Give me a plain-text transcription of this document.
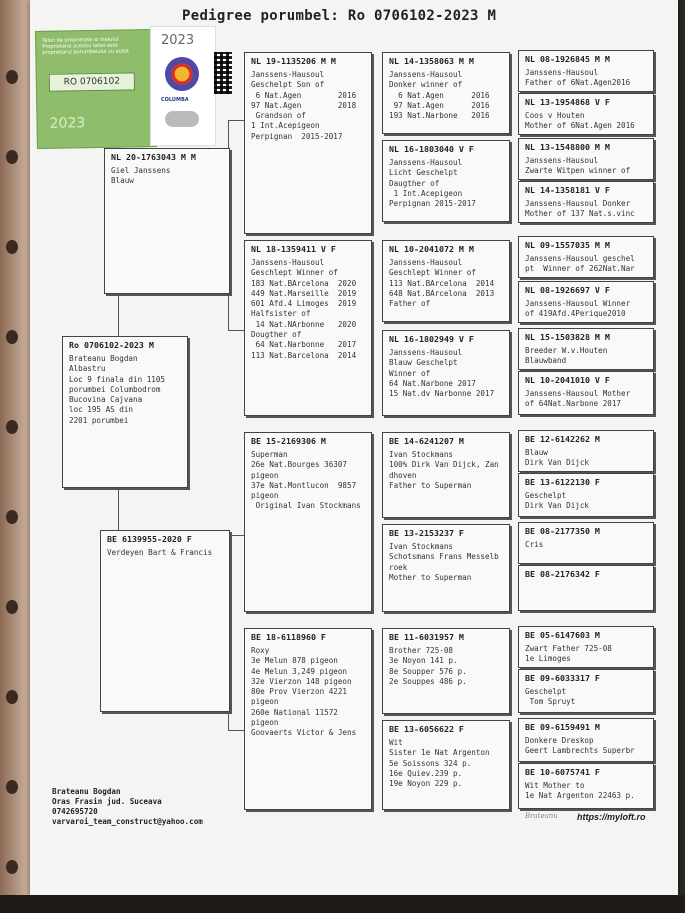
Pedigree porumbel: Ro 0706102-2023 M
Talon de proprietate al Inelului
Proprietarul acestui talon este
proprietarul porumbelului cu acest
RO 0706102
2023
2023
COLUMBA
Ro 0706102-2023 M
Brateanu Bogdan
Albastru
Loc 9 finala din 1105
porumbei Columbodrom
Bucovina Cajvana
loc 195 AS din
2201 porumbei
NL 20-1763043 M M
Giel Janssens
Blauw
BE 6139955-2020 F
Verdeyen Bart & Francis
NL 19-1135206 M M
Janssens-Hausoul
Geschelpt Son of
6 Nat.Agen        2016
97 Nat.Agen        2018
Grandson of
1 Int.Acepigeon
Perpignan  2015-2017
NL 18-1359411 V F
Janssens-Hausoul
Geschlept Winner of
183 Nat.BArcelona  2020
449 Nat.Marseille  2019
601 Afd.4 Limoges  2019
Halfsister of
14 Nat.NArbonne   2020
Dougther of
64 Nat.Narbonne   2017
113 Nat.Barcelona  2014
BE 15-2169306 M
Superman
26e Nat.Bourges 36307
pigeon
37e Nat.Montlucon  9857
pigeon
Original Ivan Stockmans
BE 18-6118960 F
Roxy
3e Melun 878 pigeon
4e Melun 3,249 pigeon
32e Vierzon 148 pigeon
80e Prov Vierzon 4221
pigeon
260e National 11572
pigeon
Goovaerts Victor & Jens
NL 14-1358063 M M
Janssens-Hausoul
Donker winner of
6 Nat.Agen      2016
97 Nat.Agen      2016
193 Nat.Narbone   2016
NL 16-1803040 V F
Janssens-Hausoul
Licht Geschelpt
Daugther of
1 Int.Acepigeon
Perpignan 2015-2017
NL 10-2041072 M M
Janssens-Hausoul
Geschlept Winner of
113 Nat.BArcelona  2014
648 Nat.BArcelona  2013
Father of
NL 16-1802949 V F
Janssens-Hausoul
Blauw Geschelpt
Winner of
64 Nat.Narbone 2017
15 Nat.dv Narbonne 2017
BE 14-6241207 M
Ivan Stockmans
100% Dirk Van Dijck, Zan
dhoven
Father to Superman
BE 13-2153237 F
Ivan Stockmans
Schotsmans Frans Messelb
roek
Mother to Superman
BE 11-6031957 M
Brother 725-08
3e Noyon 141 p.
8e Soupper 576 p.
2e Souppes 486 p.
BE 13-6056622 F
Wit
Sister 1e Nat Argenton
5e Soissons 324 p.
16e Quiev.239 p.
19e Noyon 229 p.
NL 08-1926845 M M
Janssens-Hausoul
Father of 6Nat.Agen2016
NL 13-1954868 V F
Coos v Houten
Mother of 6Nat.Agen 2016
NL 13-1548800 M M
Janssens-Hausoul
Zwarte Witpen winner of
NL 14-1358181 V F
Janssens-Hausoul Donker
Mother of 137 Nat.s.vinc
NL 09-1557035 M M
Janssens-Hausoul geschel
pt  Winner of 262Nat.Nar
NL 08-1926697 V F
Janssens-Hausoul Winner
of 419Afd.4Perique2010
NL 15-1503828 M M
Breeder W.v.Houten
Blauwband
NL 10-2041010 V F
Janssens-Hausoul Mother
of 64Nat.Narbone 2017
BE 12-6142262 M
Blauw
Dirk Van Dijck
BE 13-6122130 F
Geschelpt
Dirk Van Dijck
BE 08-2177350 M
Cris
BE 08-2176342 F
BE 05-6147603 M
Zwart Father 725-08
1e Limoges
BE 09-6033317 F
Geschelpt
Tom Spruyt
BE 09-6159491 M
Donkere Dreskop
Geert Lambrechts Superbr
BE 10-6075741 F
Wit Mother to
1e Nat Argenton 22463 p.
Brateanu Bogdan
Oras Frasin jud. Suceava
0742695720
varvaroi_team_construct@yahoo.com
Brateanu https://myloft.ro
